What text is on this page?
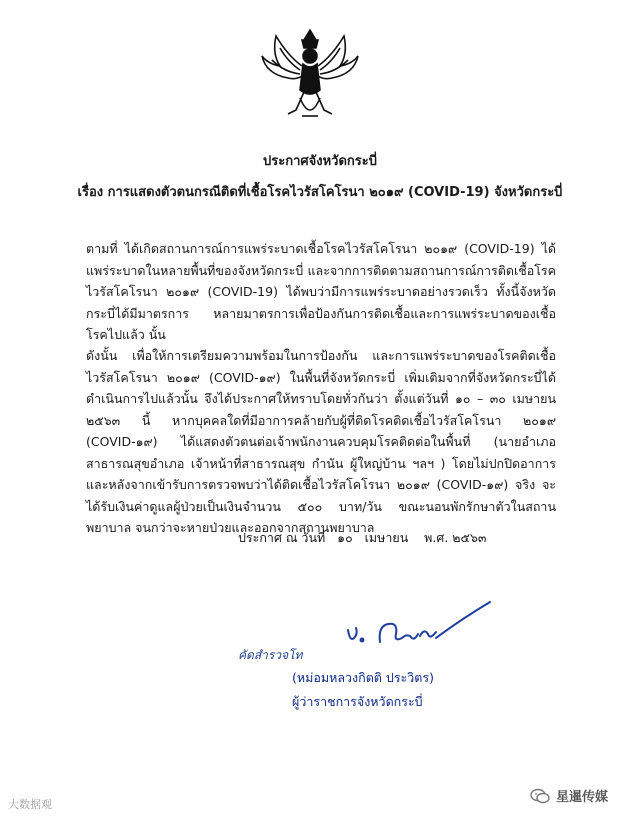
ประกาศจังหวัดกระบี่
เรื่อง การแสดงตัวตนกรณีติดที่เชื้อโรคไวรัสโคโรนา ๒๐๑๙ (COVID-19) จังหวัดกระบี่
ตามที่ ได้เกิดสถานการณ์การแพร่ระบาดเชื้อโรคไวรัสโคโรนา ๒๐๑๙ (COVID-19) ได้แพร่ระบาดในหลายพื้นที่ของจังหวัดกระบี่ และจากการติดตามสถานการณ์การติดเชื้อโรคไวรัสโคโรนา ๒๐๑๙ (COVID-19) ได้พบว่ามีการแพร่ระบาดอย่างรวดเร็ว ทั้งนี้จังหวัดกระบี่ได้มีมาตรการ หลายมาตรการเพื่อป้องกันการติดเชื้อและการแพร่ระบาดของเชื้อโรคไปแล้ว นั้น
ดังนั้น เพื่อให้การเตรียมความพร้อมในการป้องกัน และการแพร่ระบาดของโรคติดเชื้อไวรัสโคโรนา ๒๐๑๙ (COVID-๑๙) ในพื้นที่จังหวัดกระบี่ เพิ่มเติมจากที่จังหวัดกระบี่ได้ดำเนินการไปแล้วนั้น จึงได้ประกาศให้ทราบโดยทั่วกันว่า ตั้งแต่วันที่ ๑๐ – ๓๐ เมษายน ๒๕๖๓ นี้ หากบุคคลใดที่มีอาการคล้ายกับผู้ที่ติดโรคติดเชื้อไวรัสโคโรนา ๒๐๑๙ (COVID-๑๙) ได้แสดงตัวตนต่อเจ้าพนักงานควบคุมโรคติดต่อในพื้นที่ (นายอำเภอ สาธารณสุขอำเภอ เจ้าหน้าที่สาธารณสุข กำนัน ผู้ใหญ่บ้าน ฯลฯ ) โดยไม่ปกปิดอาการ และหลังจากเข้ารับการตรวจพบว่าได้ติดเชื้อไวรัสโคโรนา ๒๐๑๙ (COVID-๑๙) จริง จะได้รับเงินค่าดูแลผู้ป่วยเป็นเงินจำนวน ๕๐๐ บาท/วัน ขณะนอนพักรักษาตัวในสถานพยาบาล จนกว่าจะหายป่วยและออกจากสถานพยาบาล
ประกาศ ณ วันที่   ๑๐   เมษายน    พ.ศ. ๒๕๖๓
คัดสำรวจโท
(หม่อมหลวงกิตติ ประวิตร)
ผู้ว่าราชการจังหวัดกระบี่
大数据观	星暹传媒
